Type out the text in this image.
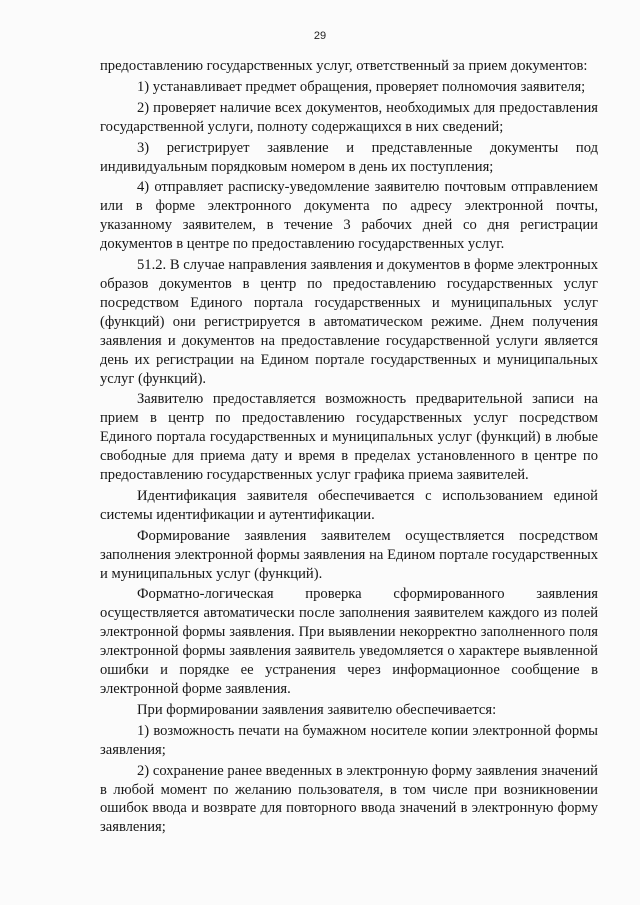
29

предоставлению государственных услуг, ответственный за прием документов:

1) устанавливает предмет обращения, проверяет полномочия заявителя;

2) проверяет наличие всех документов, необходимых для предоставления государственной услуги, полноту содержащихся в них сведений;

3) регистрирует заявление и представленные документы под индивидуальным порядковым номером в день их поступления;

4) отправляет расписку-уведомление заявителю почтовым отправлением или в форме электронного документа по адресу электронной почты, указанному заявителем, в течение 3 рабочих дней со дня регистрации документов в центре по предоставлению государственных услуг.

51.2. В случае направления заявления и документов в форме электронных образов документов в центр по предоставлению государственных услуг посредством Единого портала государственных и муниципальных услуг (функций) они регистрируется в автоматическом режиме. Днем получения заявления и документов на предоставление государственной услуги является день их регистрации на Едином портале государственных и муниципальных услуг (функций).

Заявителю предоставляется возможность предварительной записи на прием в центр по предоставлению государственных услуг посредством Единого портала государственных и муниципальных услуг (функций) в любые свободные для приема дату и время в пределах установленного в центре по предоставлению государственных услуг графика приема заявителей.

Идентификация заявителя обеспечивается с использованием единой системы идентификации и аутентификации.

Формирование заявления заявителем осуществляется посредством заполнения электронной формы заявления на Едином портале государственных и муниципальных услуг (функций).

Форматно-логическая проверка сформированного заявления осуществляется автоматически после заполнения заявителем каждого из полей электронной формы заявления. При выявлении некорректно заполненного поля электронной формы заявления заявитель уведомляется о характере выявленной ошибки и порядке ее устранения через информационное сообщение в электронной форме заявления.

При формировании заявления заявителю обеспечивается:

1) возможность печати на бумажном носителе копии электронной формы заявления;

2) сохранение ранее введенных в электронную форму заявления значений в любой момент по желанию пользователя, в том числе при возникновении ошибок ввода и возврате для повторного ввода значений в электронную форму заявления;
